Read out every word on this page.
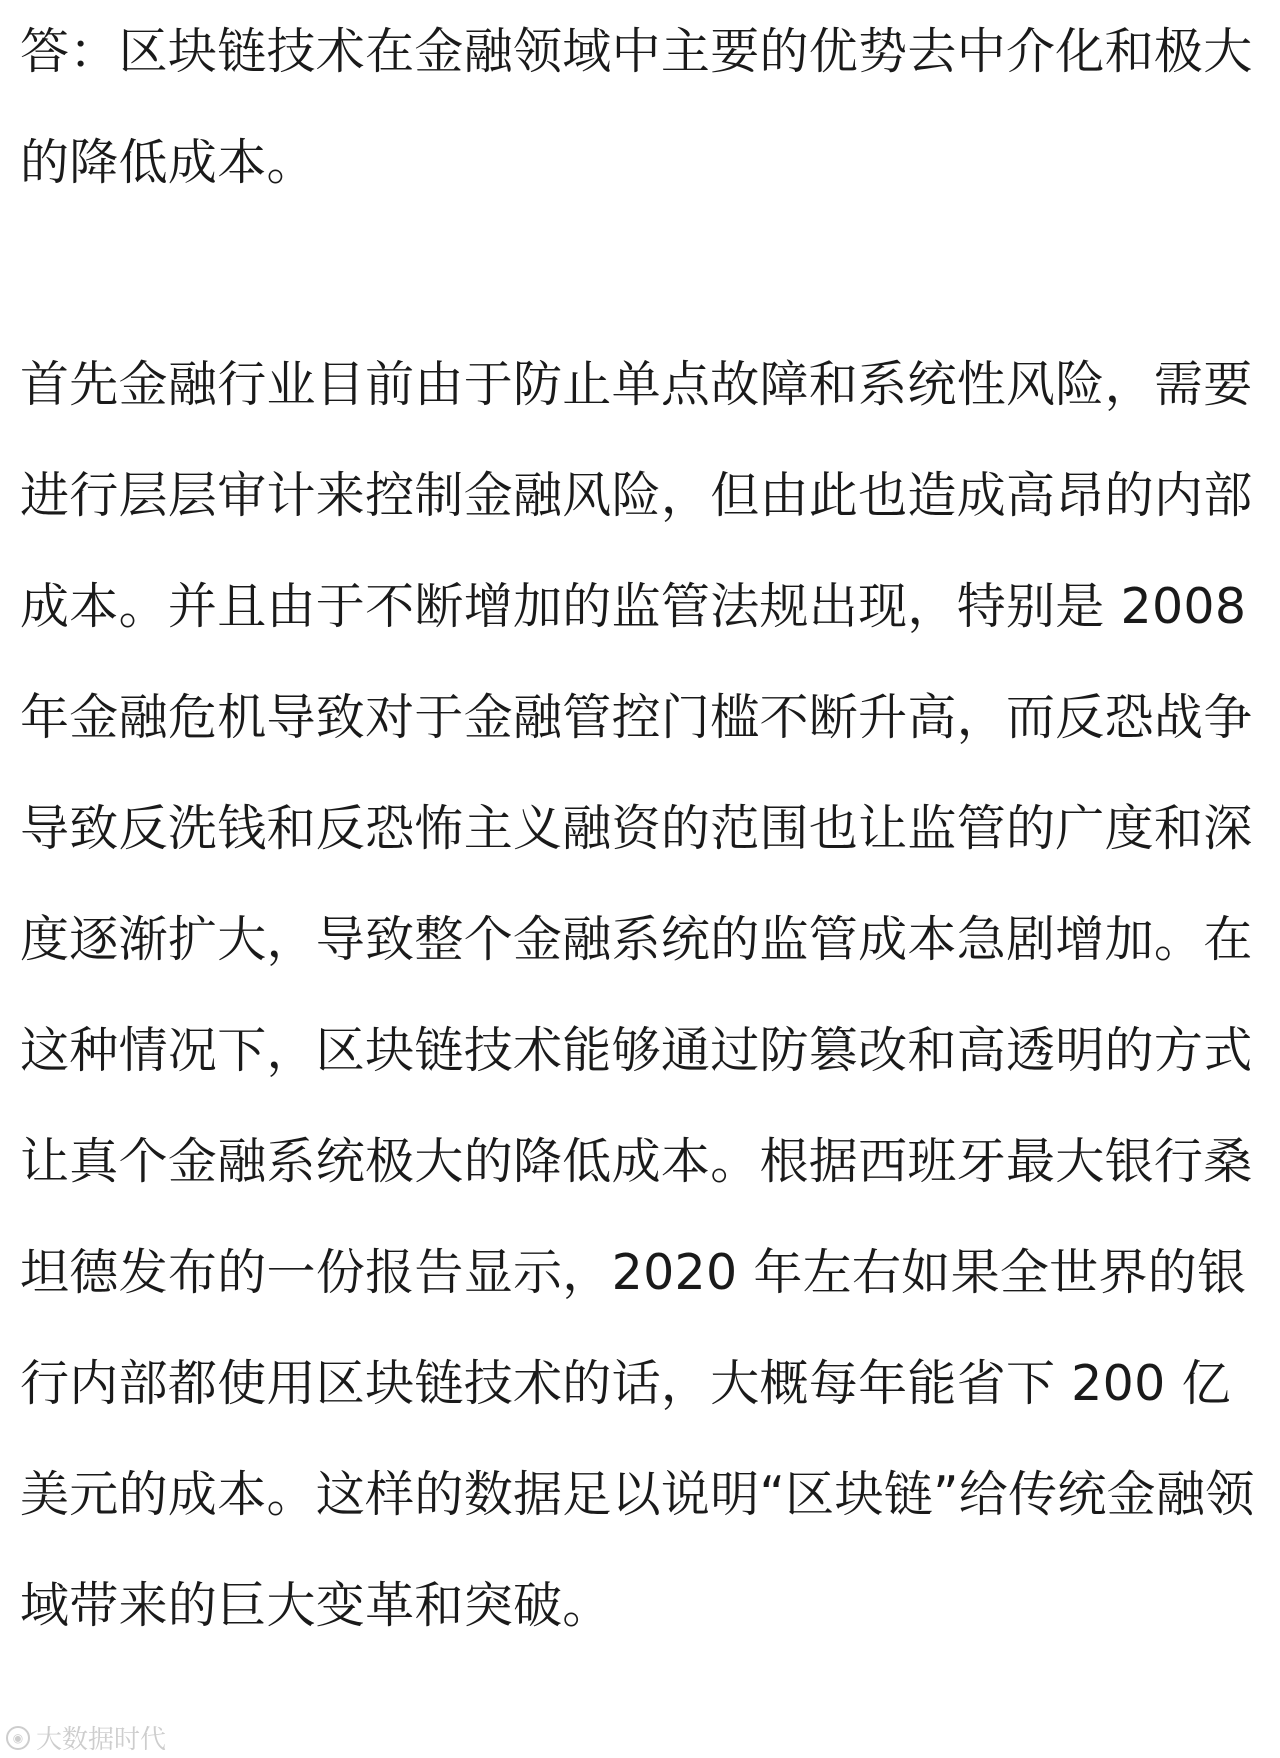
答：区块链技术在金融领域中主要的优势去中介化和极大的降低成本。

首先金融行业目前由于防止单点故障和系统性风险，需要进行层层审计来控制金融风险，但由此也造成高昂的内部成本。并且由于不断增加的监管法规出现，特别是 2008 年金融危机导致对于金融管控门槛不断升高，而反恐战争导致反洗钱和反恐怖主义融资的范围也让监管的广度和深度逐渐扩大，导致整个金融系统的监管成本急剧增加。在这种情况下，区块链技术能够通过防篡改和高透明的方式让真个金融系统极大的降低成本。根据西班牙最大银行桑坦德发布的一份报告显示，2020 年左右如果全世界的银行内部都使用区块链技术的话，大概每年能省下 200 亿美元的成本。这样的数据足以说明“区块链”给传统金融领域带来的巨大变革和突破。

◉ 大数据时代
